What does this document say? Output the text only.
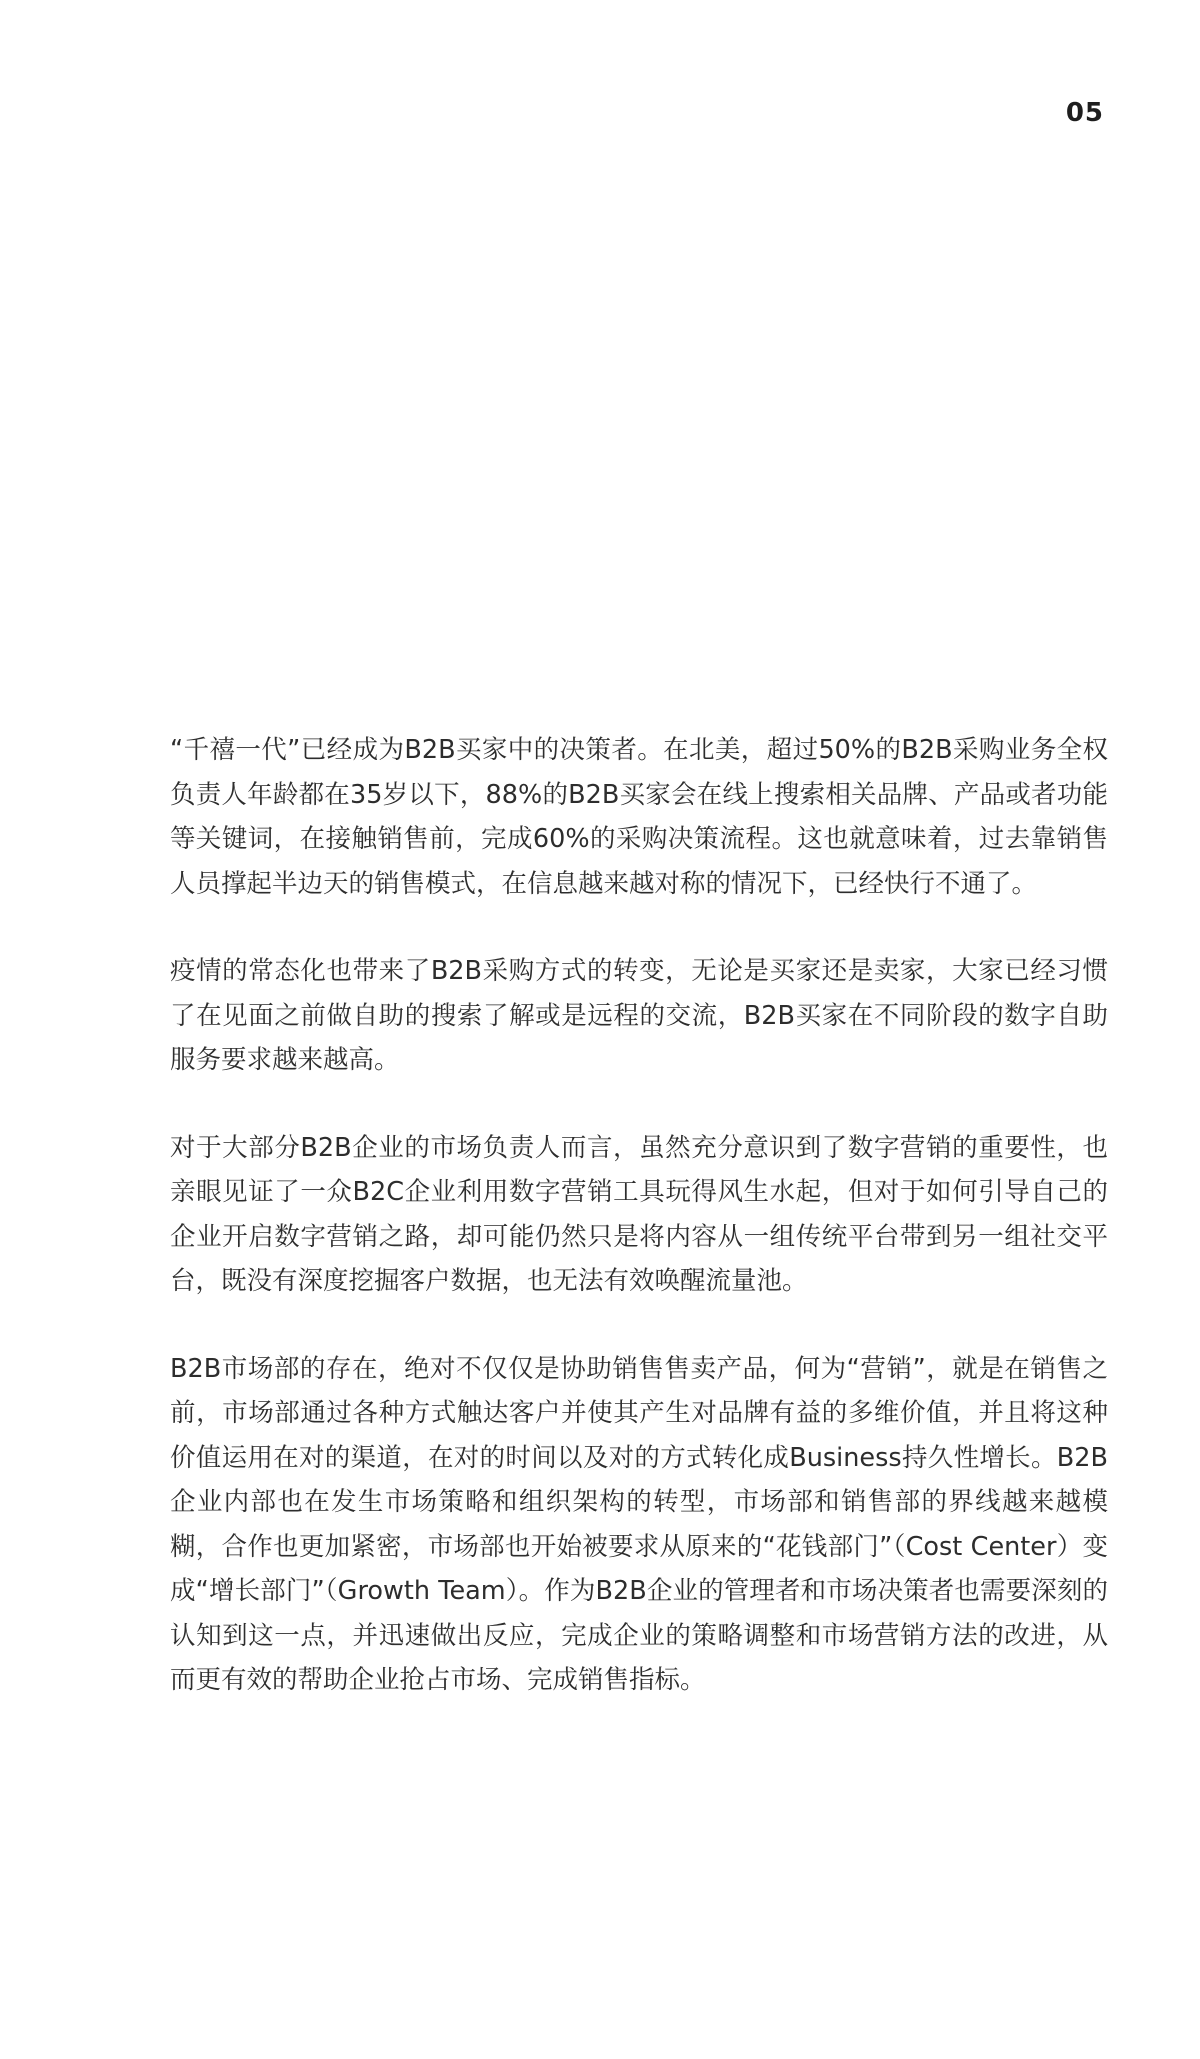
05

“千禧一代”已经成为B2B买家中的决策者。在北美，超过50%的B2B采购业务全权负责人年龄都在35岁以下，88%的B2B买家会在线上搜索相关品牌、产品或者功能等关键词，在接触销售前，完成60%的采购决策流程。这也就意味着，过去靠销售人员撑起半边天的销售模式，在信息越来越对称的情况下，已经快行不通了。

疫情的常态化也带来了B2B采购方式的转变，无论是买家还是卖家，大家已经习惯了在见面之前做自助的搜索了解或是远程的交流，B2B买家在不同阶段的数字自助服务要求越来越高。

对于大部分B2B企业的市场负责人而言，虽然充分意识到了数字营销的重要性，也亲眼见证了一众B2C企业利用数字营销工具玩得风生水起，但对于如何引导自己的企业开启数字营销之路，却可能仍然只是将内容从一组传统平台带到另一组社交平台，既没有深度挖掘客户数据，也无法有效唤醒流量池。

B2B市场部的存在，绝对不仅仅是协助销售售卖产品，何为“营销”，就是在销售之前，市场部通过各种方式触达客户并使其产生对品牌有益的多维价值，并且将这种价值运用在对的渠道，在对的时间以及对的方式转化成Business持久性增长。B2B企业内部也在发生市场策略和组织架构的转型，市场部和销售部的界线越来越模糊，合作也更加紧密，市场部也开始被要求从原来的“花钱部门”（Cost Center）变成“增长部门”（Growth Team）。作为B2B企业的管理者和市场决策者也需要深刻的认知到这一点，并迅速做出反应，完成企业的策略调整和市场营销方法的改进，从而更有效的帮助企业抢占市场、完成销售指标。
